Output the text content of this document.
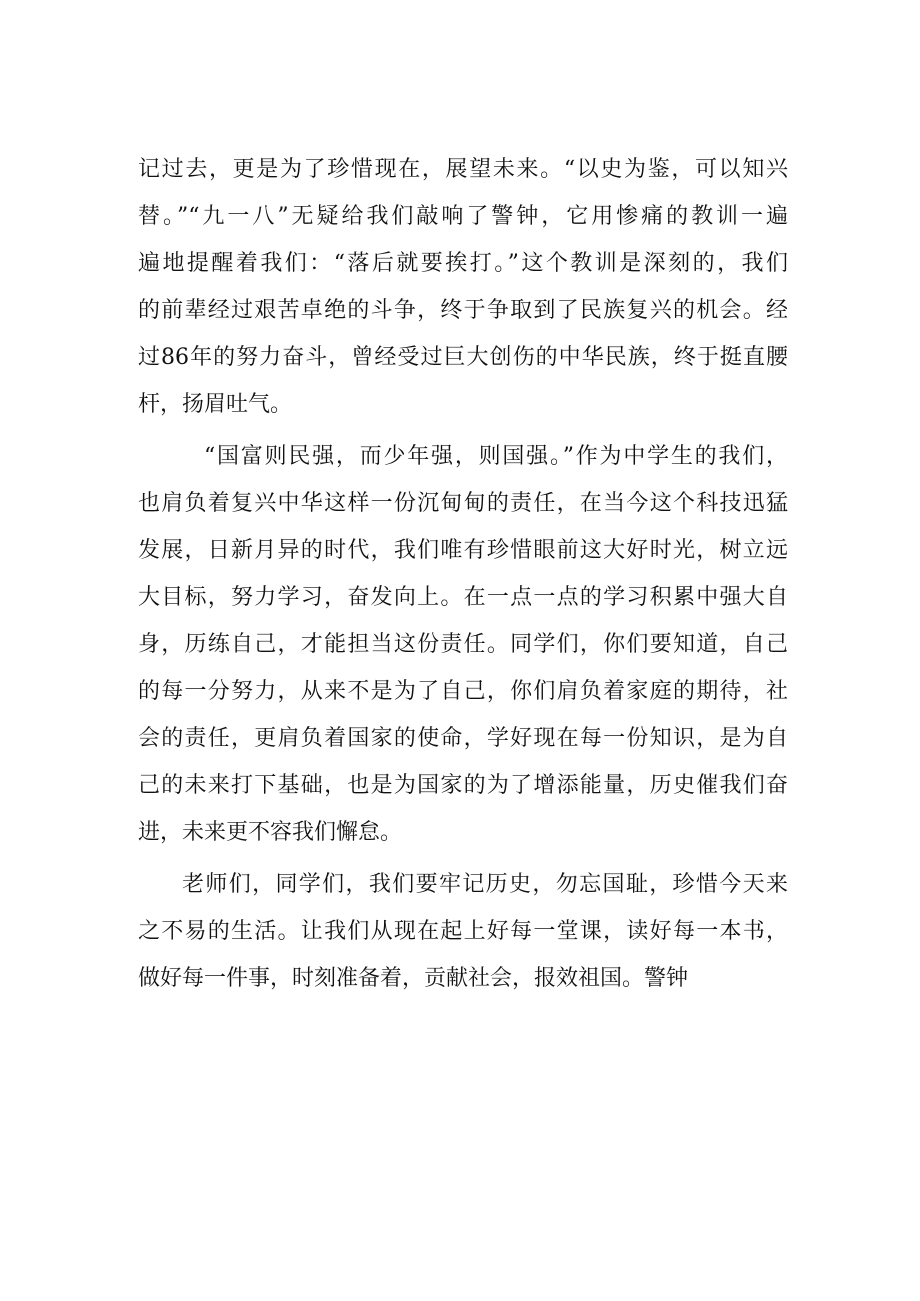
记过去，更是为了珍惜现在，展望未来。“以史为鉴，可以知兴
替。”“九一八”无疑给我们敲响了警钟，它用惨痛的教训一遍
遍地提醒着我们：“落后就要挨打。”这个教训是深刻的，我们
的前辈经过艰苦卓绝的斗争，终于争取到了民族复兴的机会。经
过86年的努力奋斗，曾经受过巨大创伤的中华民族，终于挺直腰
杆，扬眉吐气。
“国富则民强，而少年强，则国强。”作为中学生的我们，
也肩负着复兴中华这样一份沉甸甸的责任，在当今这个科技迅猛
发展，日新月异的时代，我们唯有珍惜眼前这大好时光，树立远
大目标，努力学习，奋发向上。在一点一点的学习积累中强大自
身，历练自己，才能担当这份责任。同学们，你们要知道，自己
的每一分努力，从来不是为了自己，你们肩负着家庭的期待，社
会的责任，更肩负着国家的使命，学好现在每一份知识，是为自
己的未来打下基础，也是为国家的为了增添能量，历史催我们奋
进，未来更不容我们懈怠。
老师们，同学们，我们要牢记历史，勿忘国耻，珍惜今天来
之不易的生活。让我们从现在起上好每一堂课，读好每一本书，
做好每一件事，时刻准备着，贡献社会，报效祖国。警钟
